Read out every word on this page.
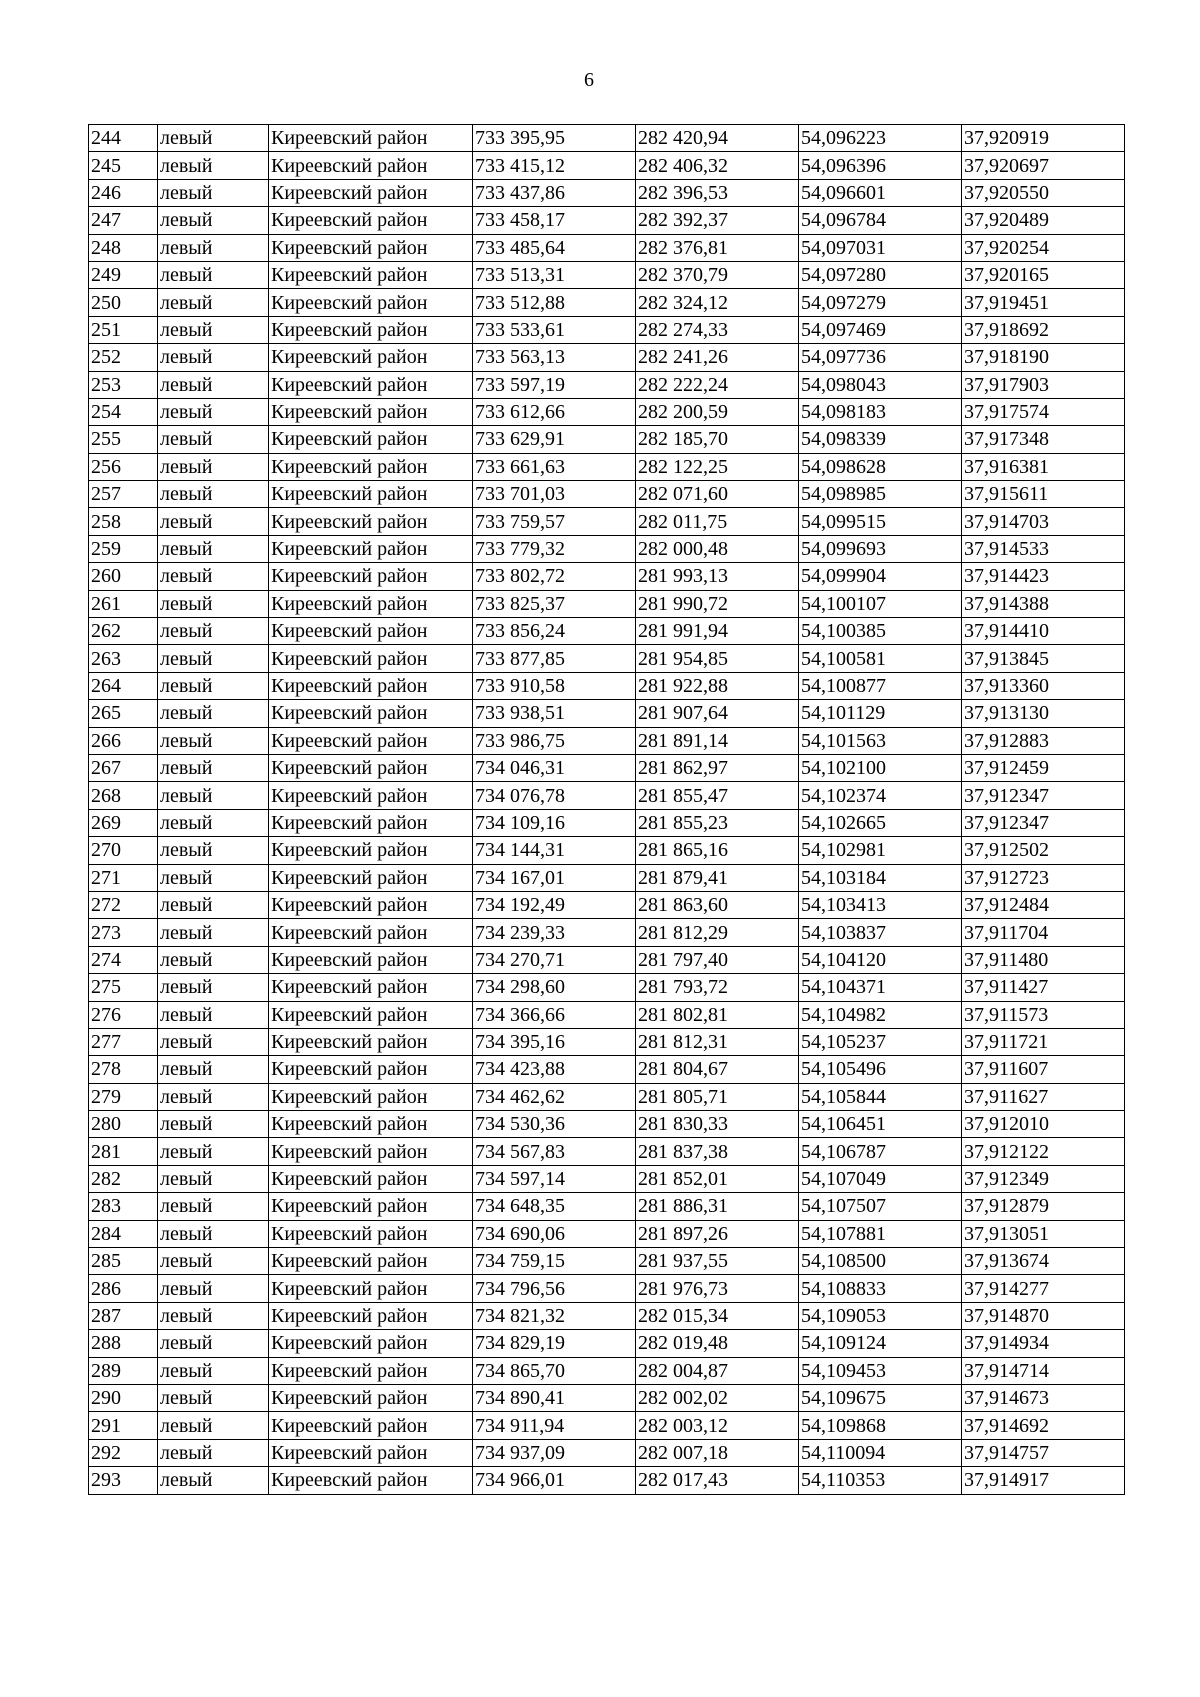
6
244	левый	Киреевский район	733 395,95	282 420,94	54,096223	37,920919
245	левый	Киреевский район	733 415,12	282 406,32	54,096396	37,920697
246	левый	Киреевский район	733 437,86	282 396,53	54,096601	37,920550
247	левый	Киреевский район	733 458,17	282 392,37	54,096784	37,920489
248	левый	Киреевский район	733 485,64	282 376,81	54,097031	37,920254
249	левый	Киреевский район	733 513,31	282 370,79	54,097280	37,920165
250	левый	Киреевский район	733 512,88	282 324,12	54,097279	37,919451
251	левый	Киреевский район	733 533,61	282 274,33	54,097469	37,918692
252	левый	Киреевский район	733 563,13	282 241,26	54,097736	37,918190
253	левый	Киреевский район	733 597,19	282 222,24	54,098043	37,917903
254	левый	Киреевский район	733 612,66	282 200,59	54,098183	37,917574
255	левый	Киреевский район	733 629,91	282 185,70	54,098339	37,917348
256	левый	Киреевский район	733 661,63	282 122,25	54,098628	37,916381
257	левый	Киреевский район	733 701,03	282 071,60	54,098985	37,915611
258	левый	Киреевский район	733 759,57	282 011,75	54,099515	37,914703
259	левый	Киреевский район	733 779,32	282 000,48	54,099693	37,914533
260	левый	Киреевский район	733 802,72	281 993,13	54,099904	37,914423
261	левый	Киреевский район	733 825,37	281 990,72	54,100107	37,914388
262	левый	Киреевский район	733 856,24	281 991,94	54,100385	37,914410
263	левый	Киреевский район	733 877,85	281 954,85	54,100581	37,913845
264	левый	Киреевский район	733 910,58	281 922,88	54,100877	37,913360
265	левый	Киреевский район	733 938,51	281 907,64	54,101129	37,913130
266	левый	Киреевский район	733 986,75	281 891,14	54,101563	37,912883
267	левый	Киреевский район	734 046,31	281 862,97	54,102100	37,912459
268	левый	Киреевский район	734 076,78	281 855,47	54,102374	37,912347
269	левый	Киреевский район	734 109,16	281 855,23	54,102665	37,912347
270	левый	Киреевский район	734 144,31	281 865,16	54,102981	37,912502
271	левый	Киреевский район	734 167,01	281 879,41	54,103184	37,912723
272	левый	Киреевский район	734 192,49	281 863,60	54,103413	37,912484
273	левый	Киреевский район	734 239,33	281 812,29	54,103837	37,911704
274	левый	Киреевский район	734 270,71	281 797,40	54,104120	37,911480
275	левый	Киреевский район	734 298,60	281 793,72	54,104371	37,911427
276	левый	Киреевский район	734 366,66	281 802,81	54,104982	37,911573
277	левый	Киреевский район	734 395,16	281 812,31	54,105237	37,911721
278	левый	Киреевский район	734 423,88	281 804,67	54,105496	37,911607
279	левый	Киреевский район	734 462,62	281 805,71	54,105844	37,911627
280	левый	Киреевский район	734 530,36	281 830,33	54,106451	37,912010
281	левый	Киреевский район	734 567,83	281 837,38	54,106787	37,912122
282	левый	Киреевский район	734 597,14	281 852,01	54,107049	37,912349
283	левый	Киреевский район	734 648,35	281 886,31	54,107507	37,912879
284	левый	Киреевский район	734 690,06	281 897,26	54,107881	37,913051
285	левый	Киреевский район	734 759,15	281 937,55	54,108500	37,913674
286	левый	Киреевский район	734 796,56	281 976,73	54,108833	37,914277
287	левый	Киреевский район	734 821,32	282 015,34	54,109053	37,914870
288	левый	Киреевский район	734 829,19	282 019,48	54,109124	37,914934
289	левый	Киреевский район	734 865,70	282 004,87	54,109453	37,914714
290	левый	Киреевский район	734 890,41	282 002,02	54,109675	37,914673
291	левый	Киреевский район	734 911,94	282 003,12	54,109868	37,914692
292	левый	Киреевский район	734 937,09	282 007,18	54,110094	37,914757
293	левый	Киреевский район	734 966,01	282 017,43	54,110353	37,914917
